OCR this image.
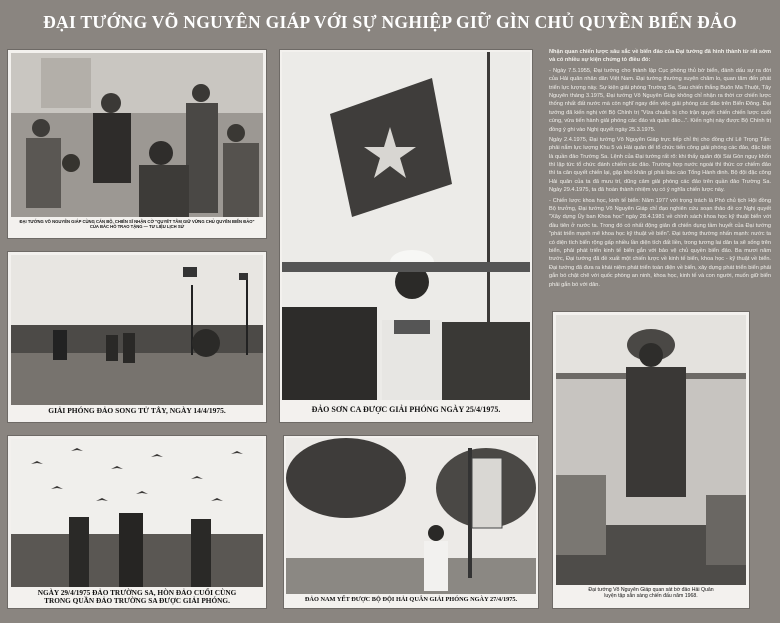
ĐẠI TƯỚNG VÕ NGUYÊN GIÁP VỚI SỰ NGHIỆP GIỮ GÌN CHỦ QUYỀN BIỂN ĐẢO
ĐẠI TƯỚNG VÕ NGUYÊN GIÁP CÙNG CÁN BỘ, CHIẾN SĨ NHẬN CỜ "QUYẾT TÂM GIỮ VỮNG CHỦ QUYỀN BIỂN ĐẢO"
CỦA BÁC HỒ TRAO TẶNG — TƯ LIỆU LỊCH SỬ
GIẢI PHÓNG ĐẢO SONG TỬ TÂY, NGÀY 14/4/1975.	ĐẢO SƠN CA ĐƯỢC GIẢI PHÓNG NGÀY 25/4/1975.
NGÀY 29/4/1975 ĐẢO TRƯỜNG SA, HÒN ĐẢO CUỐI CÙNG
TRONG QUẦN ĐẢO TRƯỜNG SA ĐƯỢC GIẢI PHÓNG.	ĐẢO NAM YẾT ĐƯỢC BỘ ĐỘI HẢI QUÂN GIẢI PHÓNG NGÀY 27/4/1975.
Đại tướng Võ Nguyên Giáp quan sát bờ đảo Hải Quân
luyện tập sẵn sàng chiến đấu năm 1968.

Nhận quan chiến lược sâu sắc về biển đảo của Đại tướng đã hình thành từ rất sớm và có nhiều sự kiện chứng tỏ điều đó:

- Ngày 7.5.1955, Đại tướng cho thành lập Cục phòng thủ bờ biển, đánh dấu sự ra đời của Hải quân nhân dân Việt Nam. Đại tướng thường xuyên chăm lo, quan tâm đến phát triển lực lượng này. Sự kiện giải phóng Trường Sa, Sau chiến thắng Buôn Ma Thuột, Tây Nguyên tháng 3.1975, Đại tướng Võ Nguyên Giáp không chỉ nhận ra thời cơ chiến lược thống nhất đất nước mà còn nghĩ ngay đến việc giải phóng các đảo trên Biển Đông. Đại tướng đã kiến nghị với Bộ Chính trị "Vừa chuẩn bị cho trận quyết chiến chiến lược cuối cùng, vừa tiến hành giải phóng các đảo và quần đảo...". Kiến nghị này được Bộ Chính trị đồng ý ghi vào Nghị quyết ngày 25.3.1975.

Ngày 2.4.1975, Đại tướng Võ Nguyên Giáp trực tiếp chỉ thị cho đồng chí Lê Trọng Tấn: phải nắm lực lượng Khu 5 và Hải quân để tổ chức tiến công giải phóng các đảo, đặc biệt là quần đảo Trường Sa. Lệnh của Đại tướng rất rõ: khi thấy quân đội Sài Gòn nguy khốn thì lập tức tổ chức đánh chiếm các đảo. Trường hợp nước ngoài thì thức cơ chiếm đảo thì ta cân quyết chiến lại, gặp khó khăn gì phải báo cáo Tổng Hành dinh. Bộ đội đặc công Hải quân của ta đã mưu trí, dũng cảm giải phóng các đảo trên quần đảo Trường Sa. Ngày 29.4.1975, ta đã hoàn thành nhiệm vụ có ý nghĩa chiến lược này.

- Chiến lược khoa học, kinh tế biển: Năm 1977 với trọng trách là Phó chủ tịch Hội đồng Bộ trưởng, Đại tướng Võ Nguyên Giáp chỉ đạo nghiên cứu soạn thảo đề cơ Nghị quyết "Xây dựng Ủy ban Khoa học" ngày 28.4.1981 về chính sách khoa học kỹ thuật biển với đầu tiên ở nước ta. Trong đó có nhất động giản đi chiến dụng tầm huyết của Đại tướng "phát triển mạnh mẽ khoa học kỹ thuật về biển". Đại tướng thường nhấn mạnh: nước ta có diện tích biển rộng gấp nhiều lần diện tích đất liền, trong tương lai dân ta sẽ sống trên biển, phải phát triển kinh tế biển gắn với bảo vệ chủ quyền biển đảo. Ba mươi năm trước, Đại tướng đã đề xuất một chiến lược về kinh tế biển, khoa học - kỹ thuật về biển. Đại tướng đã đưa ra khái niệm phát triển toàn diện về biển, xây dựng phát triển biển phải gắn bó chặt chẽ với quốc phòng an ninh, khoa học, kinh tế và con người, muốn giữ biển phải gắn bó với dân.
